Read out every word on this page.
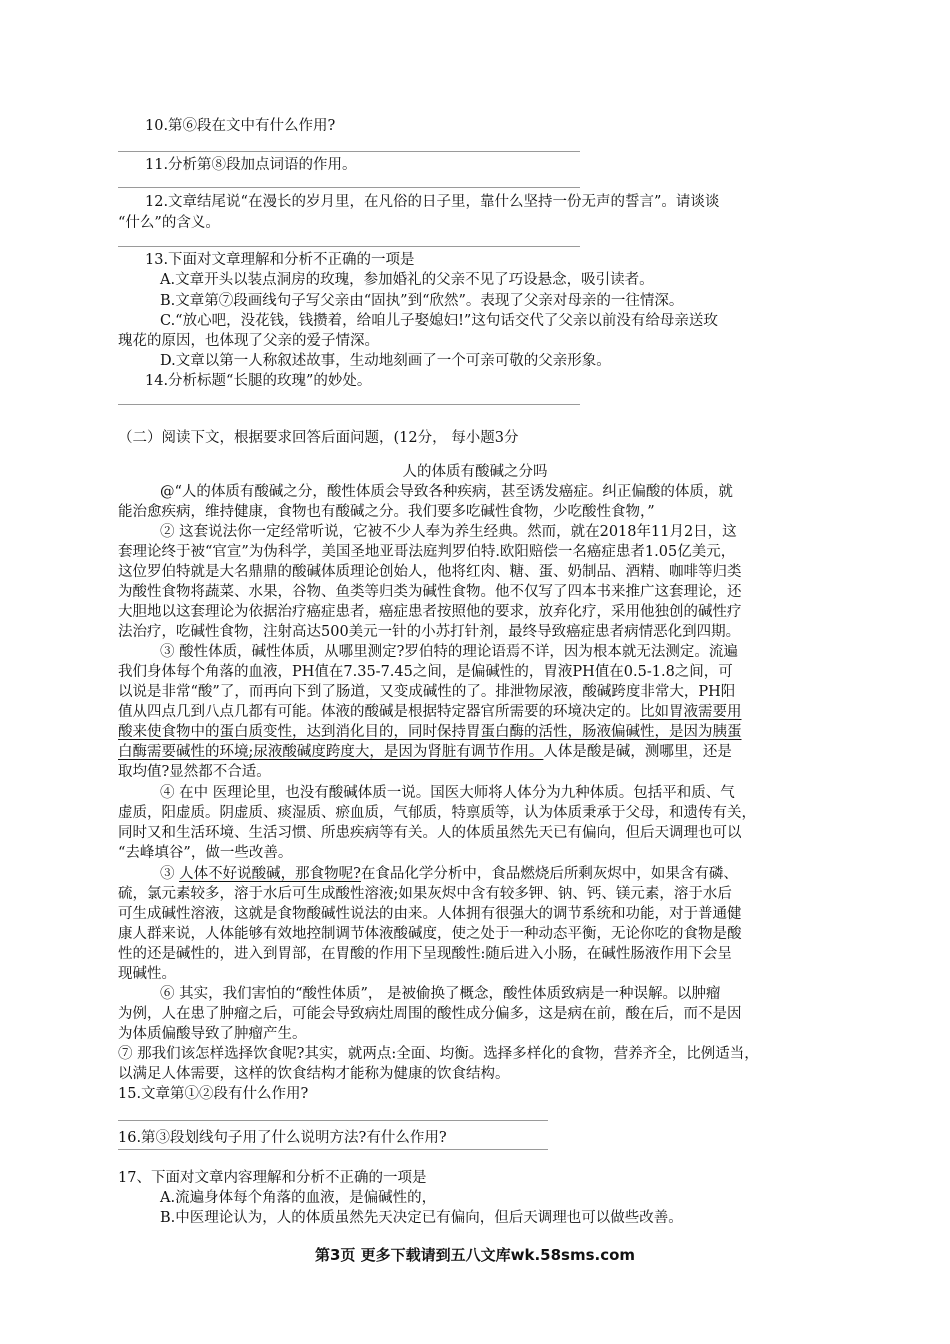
10.第⑥段在文中有什么作用?
11.分析第⑧段加点词语的作用。
12.文章结尾说“在漫长的岁月里，在凡俗的日子里，靠什么坚持一份无声的誓言”。请谈谈
“什么”的含义。
13.下面对文章理解和分析不正确的一项是
A.文章开头以装点洞房的玫瑰，参加婚礼的父亲不见了巧设悬念，吸引读者。
B.文章第⑦段画线句子写父亲由“固执”到“欣然”。表现了父亲对母亲的一往情深。
C.“放心吧，没花钱，钱攒着，给咱儿子娶媳妇!”这句话交代了父亲以前没有给母亲送玫
瑰花的原因，也体现了父亲的爱子情深。
D.文章以第一人称叙述故事，生动地刻画了一个可亲可敬的父亲形象。
14.分析标题“长腿的玫瑰”的妙处。
（二）阅读下文，根据要求回答后面问题，(12分， 每小题3分
人的体质有酸碱之分吗
@“人的体质有酸碱之分，酸性体质会导致各种疾病，甚至诱发癌症。纠正偏酸的体质，就
能治愈疾病，维持健康，食物也有酸碱之分。我们要多吃碱性食物，少吃酸性食物，”
② 这套说法你一定经常听说，它被不少人奉为养生经典。然而，就在2018年11月2日，这
套理论终于被“官宣”为伪科学，美国圣地亚哥法庭判罗伯特.欧阳赔偿一名癌症患者1.05亿美元，
这位罗伯特就是大名鼎鼎的酸碱体质理论创始人，他将红肉、糖、蛋、奶制品、酒精、咖啡等归类
为酸性食物将蔬菜、水果，谷物、鱼类等归类为碱性食物。他不仅写了四本书来推广这套理论，还
大胆地以这套理论为依据治疗癌症患者，癌症患者按照他的要求，放弃化疗，采用他独创的碱性疗
法治疗，吃碱性食物，注射高达500美元一针的小苏打针剂，最终导致癌症患者病情恶化到四期。
③ 酸性体质，碱性体质，从哪里测定?罗伯特的理论语焉不详，因为根本就无法测定。流遍
我们身体每个角落的血液，PH值在7.35-7.45之间，是偏碱性的，胃液PH值在0.5-1.8之间，可
以说是非常“酸”了，而再向下到了肠道，又变成碱性的了。排泄物尿液，酸碱跨度非常大，PH阳
值从四点几到八点几都有可能。体液的酸碱是根据特定器官所需要的环境决定的。比如胃液需要用
酸来使食物中的蛋白质变性，达到消化目的，同时保持胃蛋白酶的活性，肠液偏碱性，是因为胰蛋
白酶需要碱性的环境;尿液酸碱度跨度大，是因为肾脏有调节作用。人体是酸是碱，测哪里，还是
取均值?显然都不合适。
④ 在中 医理论里，也没有酸碱体质一说。国医大师将人体分为九种体质。包括平和质、气
虚质，阳虚质。阴虚质、痰湿质、瘀血质，气郁质，特禀质等，认为体质秉承于父母，和遗传有关，
同时又和生活环境、生活习惯、所患疾病等有关。人的体质虽然先天已有偏向，但后天调理也可以
“去峰填谷”，做一些改善。
③ 人体不好说酸碱，那食物呢?在食品化学分析中，食品燃烧后所剩灰烬中，如果含有磷、
硫，氯元素较多，溶于水后可生成酸性溶液;如果灰烬中含有较多钾、钠、钙、镁元素，溶于水后
可生成碱性溶液，这就是食物酸碱性说法的由来。人体拥有很强大的调节系统和功能，对于普通健
康人群来说，人体能够有效地控制调节体液酸碱度，使之处于一种动态平衡，无论你吃的食物是酸
性的还是碱性的，进入到胃部，在胃酸的作用下呈现酸性:随后进入小肠，在碱性肠液作用下会呈
现碱性。
⑥ 其实，我们害怕的“酸性体质”， 是被偷换了概念，酸性体质致病是一种误解。以肿瘤
为例，人在患了肿瘤之后，可能会导致病灶周围的酸性成分偏多，这是病在前，酸在后，而不是因
为体质偏酸导致了肿瘤产生。
⑦ 那我们该怎样选择饮食呢?其实，就两点:全面、均衡。选择多样化的食物，营养齐全，比例适当，
以满足人体需要，这样的饮食结构才能称为健康的饮食结构。
15.文章第①②段有什么作用?
16.第③段划线句子用了什么说明方法?有什么作用?
17、下面对文章内容理解和分析不正确的一项是
A.流遍身体每个角落的血液，是偏碱性的，
B.中医理论认为，人的体质虽然先天决定已有偏向，但后天调理也可以做些改善。
第3页 更多下载请到五八文库wk.58sms.com
